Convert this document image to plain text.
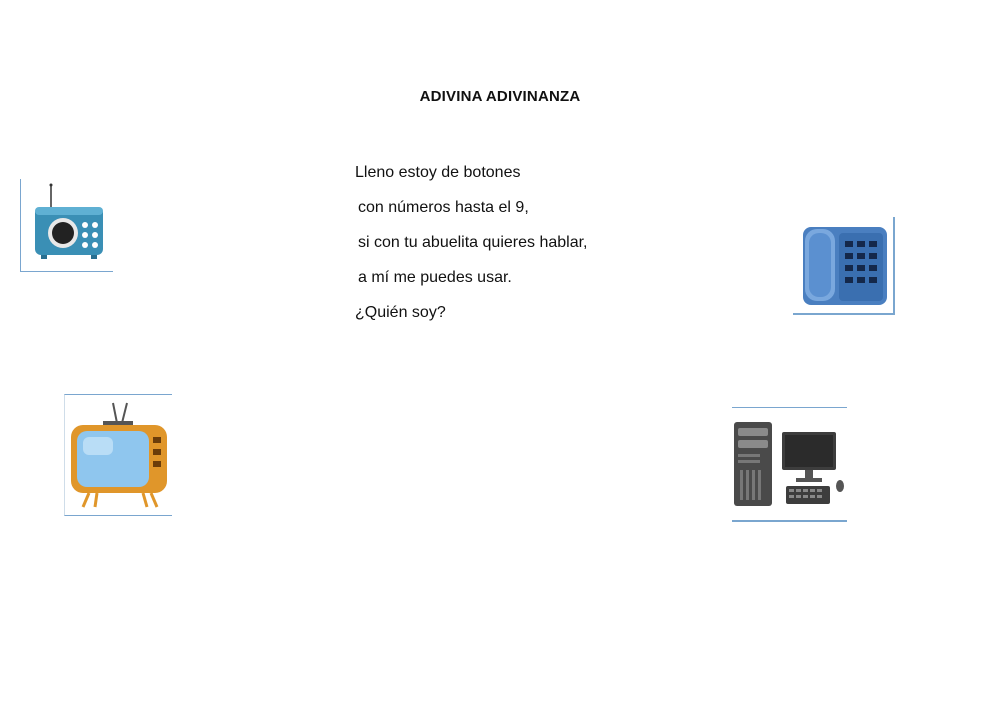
ADIVINA ADIVINANZA
Lleno estoy de botones
con números hasta el 9,
si con tu abuelita quieres hablar,
a mí me puedes usar.
¿Quién soy?
